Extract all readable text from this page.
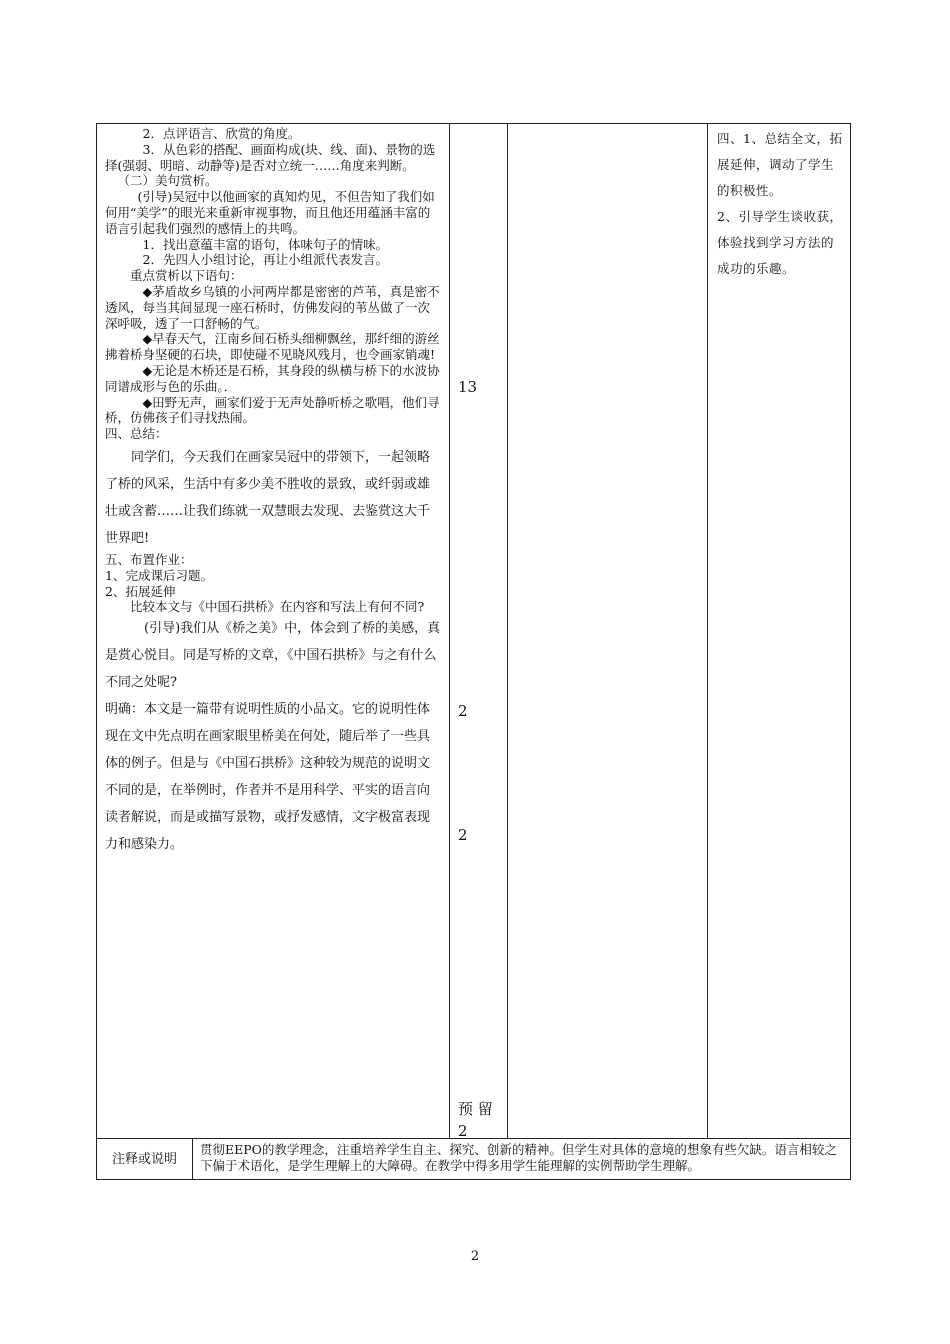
2．点评语言、欣赏的角度。

3．从色彩的搭配、画面构成(块、线、面)、景物的选择(强弱、明暗、动静等)是否对立统一……角度来判断。

（二）美句赏析。

(引导)吴冠中以他画家的真知灼见，不但告知了我们如何用“美学”的眼光来重新审视事物，而且他还用蕴涵丰富的语言引起我们强烈的感情上的共鸣。

1．找出意蕴丰富的语句，体味句子的情味。

2．先四人小组讨论，再让小组派代表发言。

重点赏析以下语句：

◆茅盾故乡乌镇的小河两岸都是密密的芦苇，真是密不透风，每当其间显现一座石桥时，仿佛发闷的苇丛做了一次深呼吸，透了一口舒畅的气。

◆早春天气，江南乡间石桥头细柳飘丝，那纤细的游丝拂着桥身坚硬的石块，即使碰不见晓风残月，也令画家销魂!

◆无论是木桥还是石桥，其身段的纵横与桥下的水波协同谱成形与色的乐曲。．

◆田野无声，画家们爱于无声处静听桥之歌唱，他们寻桥，仿佛孩子们寻找热闹。

四、总结：

同学们，今天我们在画家吴冠中的带领下，一起领略了桥的风采，生活中有多少美不胜收的景致，或纤弱或雄壮或含蓄……让我们练就一双慧眼去发现、去鉴赏这大千世界吧!

五、布置作业：

1、完成课后习题。

2、拓展延伸

比较本文与《中国石拱桥》在内容和写法上有何不同?

(引导)我们从《桥之美》中，体会到了桥的美感，真是赏心悦目。同是写桥的文章，《中国石拱桥》与之有什么不同之处呢?

明确：本文是一篇带有说明性质的小品文。它的说明性体现在文中先点明在画家眼里桥美在何处，随后举了一些具体的例子。但是与《中国石拱桥》这种较为规范的说明文不同的是，在举例时，作者并不是用科学、平实的语言向读者解说，而是或描写景物，或抒发感情，文字极富表现力和感染力。

13
2
2
预 留
2

四、1、总结全文，拓展延伸，调动了学生的积极性。

2、引导学生谈收获，体验找到学习方法的成功的乐趣。

注释或说明
贯彻EEPO的教学理念，注重培养学生自主、探究、创新的精神。但学生对具体的意境的想象有些欠缺。语言相较之下偏于术语化，是学生理解上的大障碍。在教学中得多用学生能理解的实例帮助学生理解。
2
